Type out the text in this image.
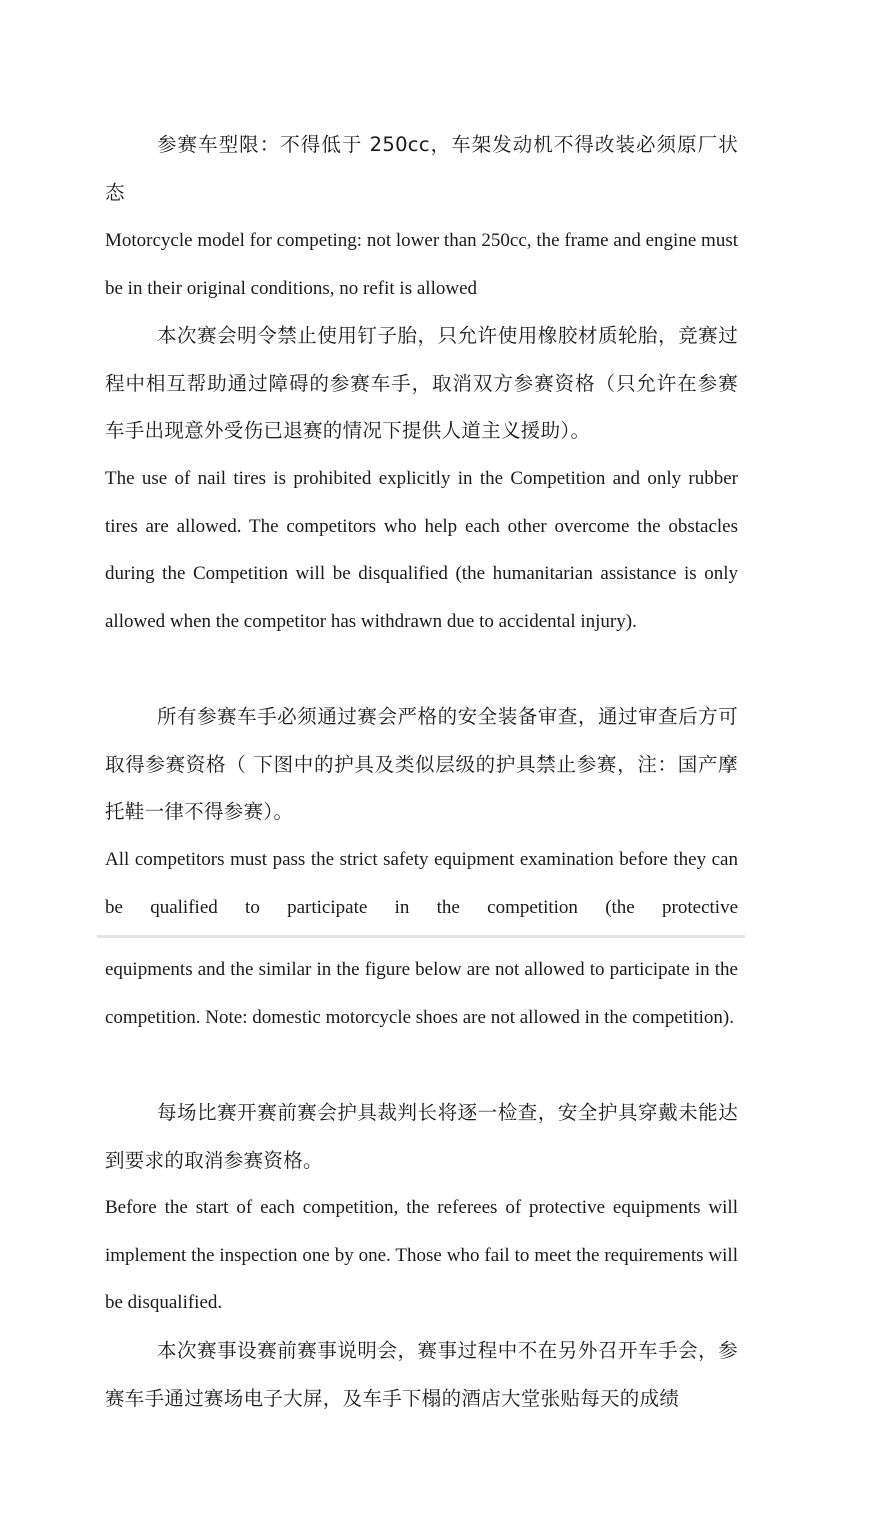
参赛车型限：不得低于 250cc，车架发动机不得改装必须原厂状态
Motorcycle model for competing: not lower than 250cc, the frame and engine must be in their original conditions, no refit is allowed
本次赛会明令禁止使用钉子胎，只允许使用橡胶材质轮胎，竞赛过程中相互帮助通过障碍的参赛车手，取消双方参赛资格（只允许在参赛车手出现意外受伤已退赛的情况下提供人道主义援助）。
The use of nail tires is prohibited explicitly in the Competition and only rubber tires are allowed. The competitors who help each other overcome the obstacles during the Competition will be disqualified (the humanitarian assistance is only allowed when the competitor has withdrawn due to accidental injury).
所有参赛车手必须通过赛会严格的安全装备审查，通过审查后方可取得参赛资格（ 下图中的护具及类似层级的护具禁止参赛，注：国产摩托鞋一律不得参赛）。
All competitors must pass the strict safety equipment examination before they can be qualified to participate in the competition (the protective
equipments and the similar in the figure below are not allowed to participate in the competition. Note: domestic motorcycle shoes are not allowed in the competition).
每场比赛开赛前赛会护具裁判长将逐一检查，安全护具穿戴未能达到要求的取消参赛资格。
Before the start of each competition, the referees of protective equipments will implement the inspection one by one. Those who fail to meet the requirements will be disqualified.
本次赛事设赛前赛事说明会，赛事过程中不在另外召开车手会，参赛车手通过赛场电子大屏，及车手下榻的酒店大堂张贴每天的成绩
